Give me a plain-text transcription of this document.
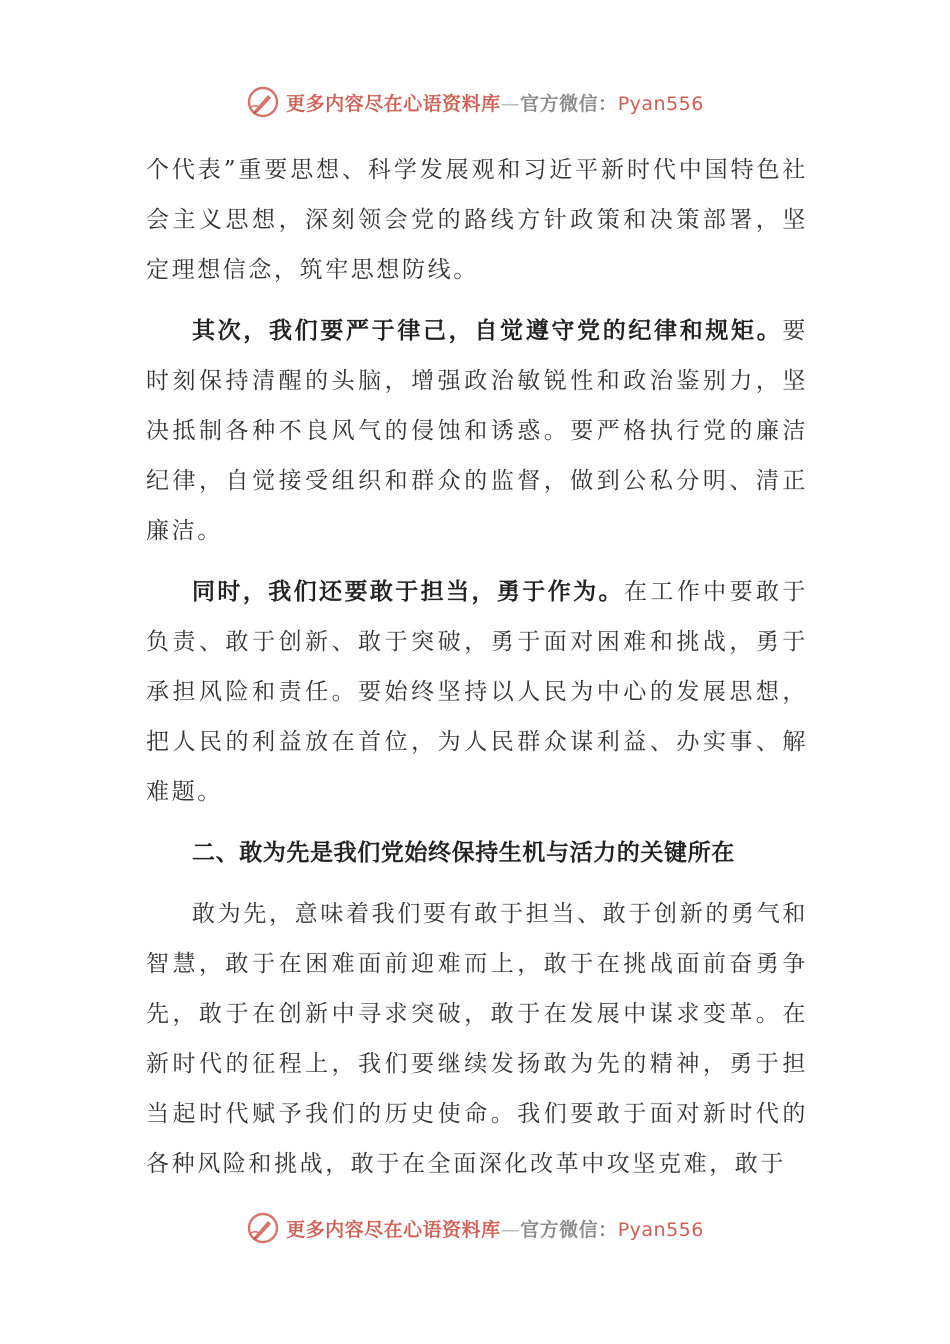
更多内容尽在心语资料库—官方微信：Pyan556

个代表”重要思想、科学发展观和习近平新时代中国特色社会主义思想，深刻领会党的路线方针政策和决策部署，坚定理想信念，筑牢思想防线。

其次，我们要严于律己，自觉遵守党的纪律和规矩。要时刻保持清醒的头脑，增强政治敏锐性和政治鉴别力，坚决抵制各种不良风气的侵蚀和诱惑。要严格执行党的廉洁纪律，自觉接受组织和群众的监督，做到公私分明、清正廉洁。

同时，我们还要敢于担当，勇于作为。在工作中要敢于负责、敢于创新、敢于突破，勇于面对困难和挑战，勇于承担风险和责任。要始终坚持以人民为中心的发展思想，把人民的利益放在首位，为人民群众谋利益、办实事、解难题。

二、敢为先是我们党始终保持生机与活力的关键所在

敢为先，意味着我们要有敢于担当、敢于创新的勇气和智慧，敢于在困难面前迎难而上，敢于在挑战面前奋勇争先，敢于在创新中寻求突破，敢于在发展中谋求变革。在新时代的征程上，我们要继续发扬敢为先的精神，勇于担当起时代赋予我们的历史使命。我们要敢于面对新时代的各种风险和挑战，敢于在全面深化改革中攻坚克难，敢于

更多内容尽在心语资料库—官方微信：Pyan556
